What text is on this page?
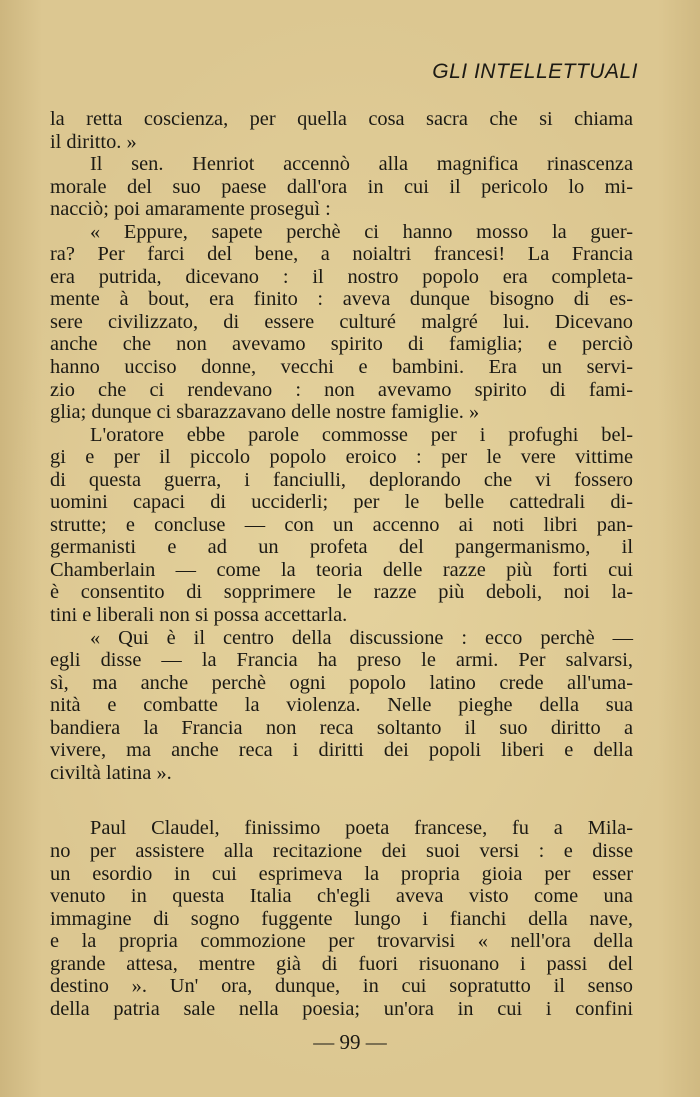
GLI INTELLETTUALI
la retta coscienza, per quella cosa sacra che si chiama
il diritto. »
Il sen. Henriot accennò alla magnifica rinascenza
morale del suo paese dall'ora in cui il pericolo lo mi-
nacciò; poi amaramente proseguì :
« Eppure, sapete perchè ci hanno mosso la guer-
ra? Per farci del bene, a noialtri francesi! La Francia
era putrida, dicevano : il nostro popolo era completa-
mente à bout, era finito : aveva dunque bisogno di es-
sere civilizzato, di essere culturé malgré lui. Dicevano
anche che non avevamo spirito di famiglia; e perciò
hanno ucciso donne, vecchi e bambini. Era un servi-
zio che ci rendevano : non avevamo spirito di fami-
glia; dunque ci sbarazzavano delle nostre famiglie. »
L'oratore ebbe parole commosse per i profughi bel-
gi e per il piccolo popolo eroico : per le vere vittime
di questa guerra, i fanciulli, deplorando che vi fossero
uomini capaci di ucciderli; per le belle cattedrali di-
strutte; e concluse — con un accenno ai noti libri pan-
germanisti e ad un profeta del pangermanismo, il
Chamberlain — come la teoria delle razze più forti cui
è consentito di sopprimere le razze più deboli, noi la-
tini e liberali non si possa accettarla.
« Qui è il centro della discussione : ecco perchè —
egli disse — la Francia ha preso le armi. Per salvarsi,
sì, ma anche perchè ogni popolo latino crede all'uma-
nità e combatte la violenza. Nelle pieghe della sua
bandiera la Francia non reca soltanto il suo diritto a
vivere, ma anche reca i diritti dei popoli liberi e della
civiltà latina ».
Paul Claudel, finissimo poeta francese, fu a Mila-
no per assistere alla recitazione dei suoi versi : e disse
un esordio in cui esprimeva la propria gioia per esser
venuto in questa Italia ch'egli aveva visto come una
immagine di sogno fuggente lungo i fianchi della nave,
e la propria commozione per trovarvisi « nell'ora della
grande attesa, mentre già di fuori risuonano i passi del
destino ». Un' ora, dunque, in cui sopratutto il senso
della patria sale nella poesia; un'ora in cui i confini
— 99 —
